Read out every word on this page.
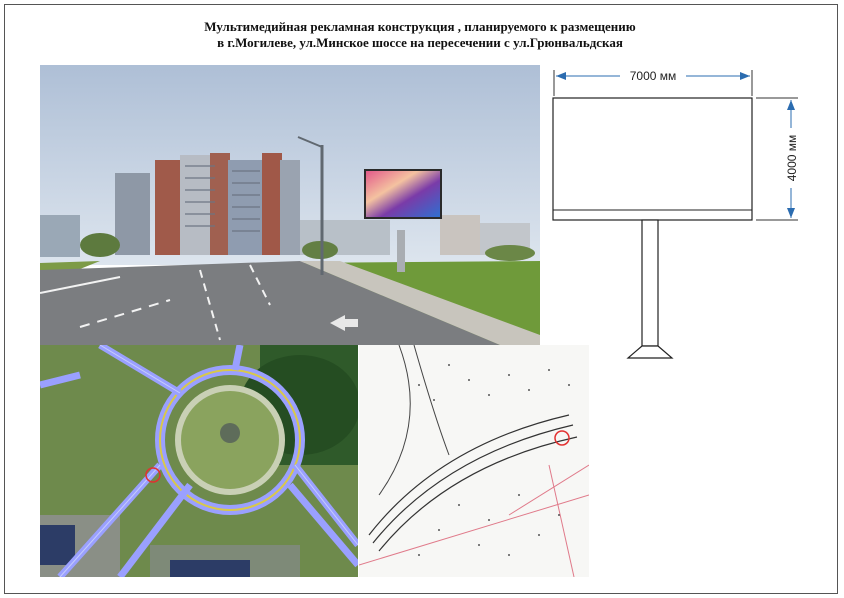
Мультимедийная рекламная конструкция , планируемого к размещению
в г.Могилеве, ул.Минское шоссе на пересечении с ул.Грюнвальдская
7000 мм
4000 мм
